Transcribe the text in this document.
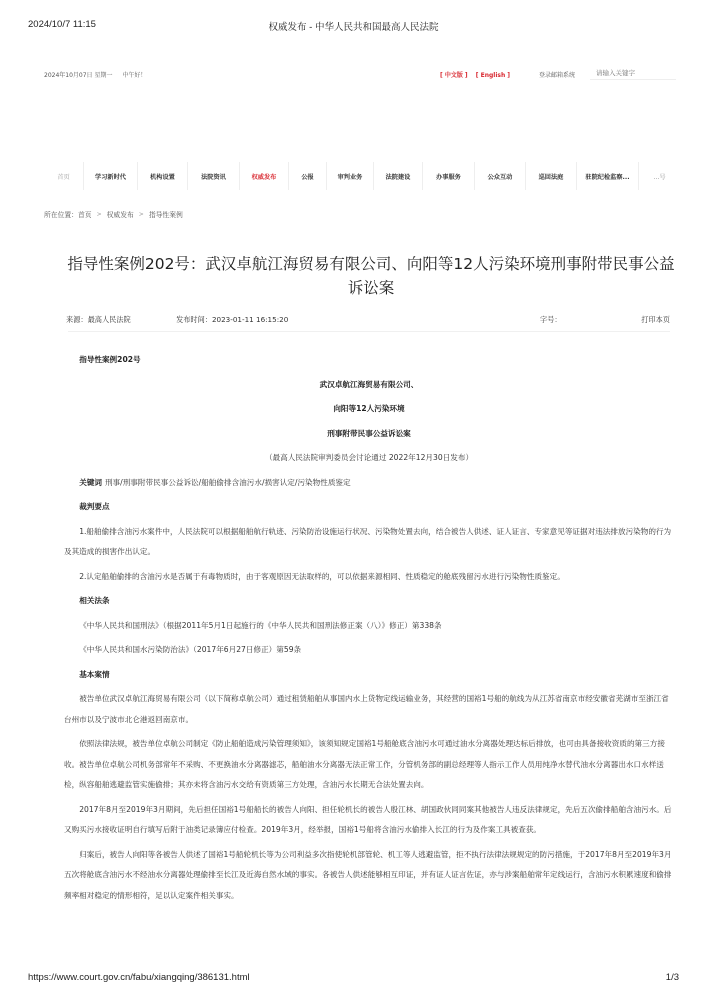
2024/10/7 11:15	权威发布 - 中华人民共和国最高人民法院
2024年10月07日 星期一 中午好！	[ 中文版 ] [ English ]	登录邮箱系统
请输入关键字
首页	学习新时代	机构设置	法院资讯	权威发布	公报	审判业务	法院建设	办事服务	公众互动	巡回法庭	驻院纪检监察...	...号
所在位置： 首页 > 权威发布 > 指导性案例
指导性案例202号：武汉卓航江海贸易有限公司、向阳等12人污染环境刑事附带民事公益诉讼案
来源：最高人民法院	发布时间：2023-01-11 16:15:20	字号：	打印本页

指导性案例202号

武汉卓航江海贸易有限公司、

向阳等12人污染环境

刑事附带民事公益诉讼案

（最高人民法院审判委员会讨论通过 2022年12月30日发布）

关键词 刑事/刑事附带民事公益诉讼/船舶偷排含油污水/损害认定/污染物性质鉴定

裁判要点

1.船舶偷排含油污水案件中，人民法院可以根据船舶航行轨迹、污染防治设施运行状况、污染物处置去向，结合被告人供述、证人证言、专家意见等证据对违法排放污染物的行为及其造成的损害作出认定。

2.认定船舶偷排的含油污水是否属于有毒物质时，由于客观原因无法取样的，可以依据来源相同、性质稳定的舱底残留污水进行污染物性质鉴定。

相关法条

《中华人民共和国刑法》（根据2011年5月1日起施行的《中华人民共和国刑法修正案（八）》修正）第338条

《中华人民共和国水污染防治法》（2017年6月27日修正）第59条

基本案情

被告单位武汉卓航江海贸易有限公司（以下简称卓航公司）通过租赁船舶从事国内水上货物定线运输业务，其经营的国裕1号船的航线为从江苏省南京市经安徽省芜湖市至浙江省台州市以及宁波市北仑港返回南京市。

依照法律法规，被告单位卓航公司制定《防止船舶造成污染管理须知》，该须知规定国裕1号船舱底含油污水可通过油水分离器处理达标后排放，也可由具备接收资质的第三方接收。被告单位卓航公司机务部常年不采购、不更换油水分离器滤芯，船舶油水分离器无法正常工作，分管机务部的副总经理等人指示工作人员用纯净水替代油水分离器出水口水样送检，纵容船舶逃避监管实施偷排；其亦未将含油污水交给有资质第三方处理，含油污水长期无合法处置去向。

2017年8月至2019年3月期间，先后担任国裕1号船船长的被告人向阳、担任轮机长的被告人殷江林、胡国政伙同同案其他被告人违反法律规定，先后五次偷排船舶含油污水。后又购买污水接收证明自行填写后附于油类记录簿应付检查。2019年3月，经举报，国裕1号船将含油污水偷排入长江的行为及作案工具被查获。

归案后，被告人向阳等各被告人供述了国裕1号船轮机长等为公司利益多次指使轮机部管轮、机工等人逃避监管，拒不执行法律法规规定的防污措施，于2017年8月至2019年3月五次将舱底含油污水不经油水分离器处理偷排至长江及近海自然水域的事实。各被告人供述能够相互印证，并有证人证言佐证，亦与涉案船舶常年定线运行，含油污水积累速度和偷排频率相对稳定的情形相符，足以认定案件相关事实。

https://www.court.gov.cn/fabu/xiangqing/386131.html	1/3
